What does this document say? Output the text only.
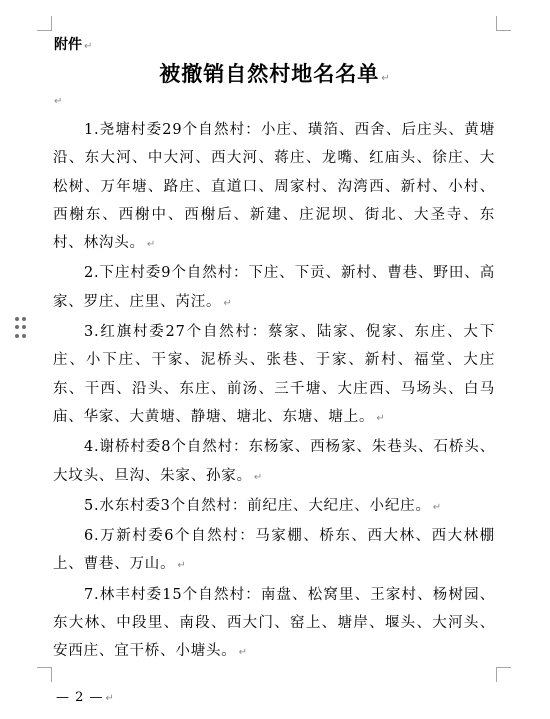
附件 ↵
被撤销自然村地名名单 ↵
↵

1.尧塘村委29个自然村：小庄、璜箔、西舍、后庄头、黄塘沿、东大河、中大河、西大河、蒋庄、龙嘴、红庙头、徐庄、大松树、万年塘、路庄、直道口、周家村、沟湾西、新村、小村、西榭东、西榭中、西榭后、新建、庄泥坝、街北、大圣寺、东村、林沟头。 ↵

2.下庄村委9个自然村：下庄、下贡、新村、曹巷、野田、高家、罗庄、庄里、芮汪。 ↵

3.红旗村委27个自然村：蔡家、陆家、倪家、东庄、大下庄、小下庄、干家、泥桥头、张巷、于家、新村、福堂、大庄东、干西、沿头、东庄、前汤、三千塘、大庄西、马场头、白马庙、华家、大黄塘、静塘、塘北、东塘、塘上。 ↵

4.谢桥村委8个自然村：东杨家、西杨家、朱巷头、石桥头、大坟头、旦沟、朱家、孙家。 ↵

5.水东村委3个自然村：前纪庄、大纪庄、小纪庄。 ↵

6.万新村委6个自然村：马家棚、桥东、西大林、西大林棚上、曹巷、万山。 ↵

7.林丰村委15个自然村：南盘、松窝里、王家村、杨树园、东大林、中段里、南段、西大门、窑上、塘岸、堰头、大河头、安西庄、宜干桥、小塘头。 ↵

— 2 — ↵
